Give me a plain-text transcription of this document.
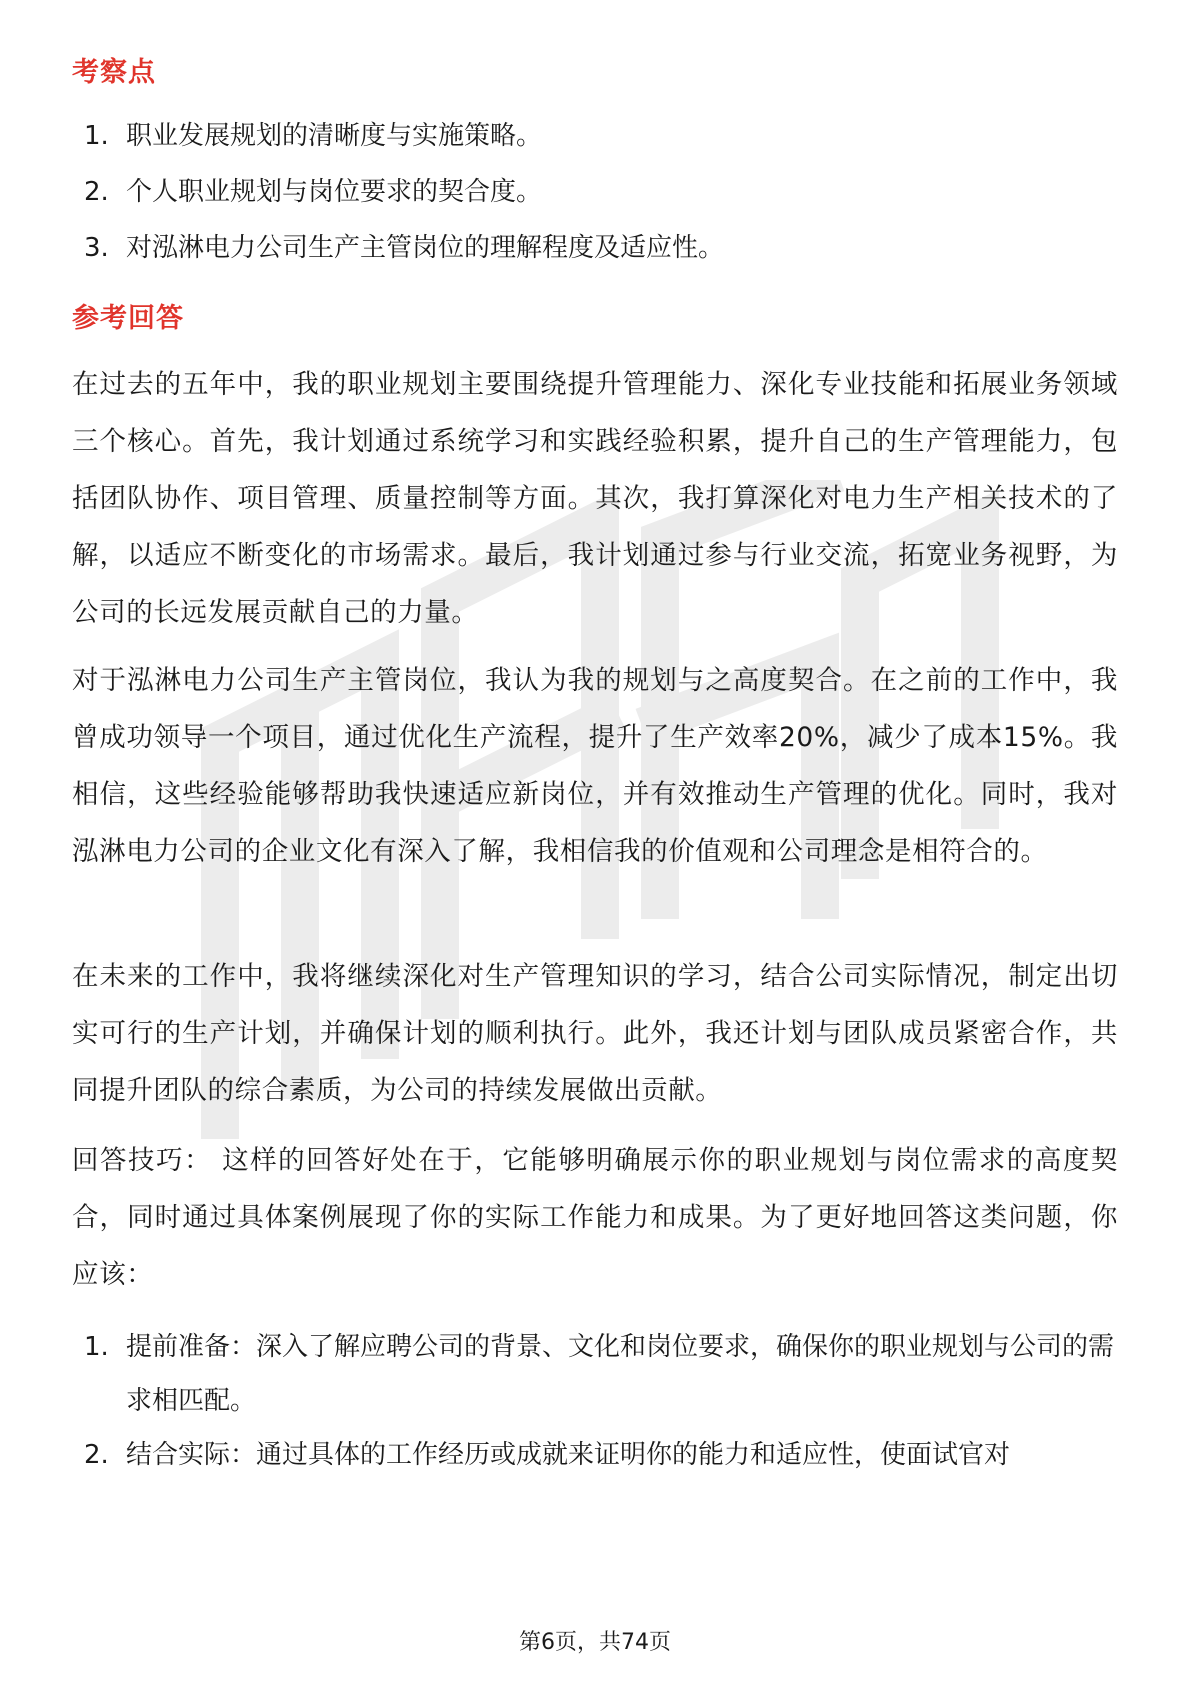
考察点
1. 职业发展规划的清晰度与实施策略。
2. 个人职业规划与岗位要求的契合度。
3. 对泓淋电力公司生产主管岗位的理解程度及适应性。
参考回答

在过去的五年中，我的职业规划主要围绕提升管理能力、深化专业技能和拓展业务领域三个核心。首先，我计划通过系统学习和实践经验积累，提升自己的生产管理能力，包括团队协作、项目管理、质量控制等方面。其次，我打算深化对电力生产相关技术的了解，以适应不断变化的市场需求。最后，我计划通过参与行业交流，拓宽业务视野，为公司的长远发展贡献自己的力量。

对于泓淋电力公司生产主管岗位，我认为我的规划与之高度契合。在之前的工作中，我曾成功领导一个项目，通过优化生产流程，提升了生产效率20%，减少了成本15%。我相信，这些经验能够帮助我快速适应新岗位，并有效推动生产管理的优化。同时，我对泓淋电力公司的企业文化有深入了解，我相信我的价值观和公司理念是相符合的。

在未来的工作中，我将继续深化对生产管理知识的学习，结合公司实际情况，制定出切实可行的生产计划，并确保计划的顺利执行。此外，我还计划与团队成员紧密合作，共同提升团队的综合素质，为公司的持续发展做出贡献。

回答技巧： 这样的回答好处在于，它能够明确展示你的职业规划与岗位需求的高度契合，同时通过具体案例展现了你的实际工作能力和成果。为了更好地回答这类问题，你应该：

1. 提前准备：深入了解应聘公司的背景、文化和岗位要求，确保你的职业规划与公司的需求相匹配。
2. 结合实际：通过具体的工作经历或成就来证明你的能力和适应性，使面试官对
第6页，共74页
